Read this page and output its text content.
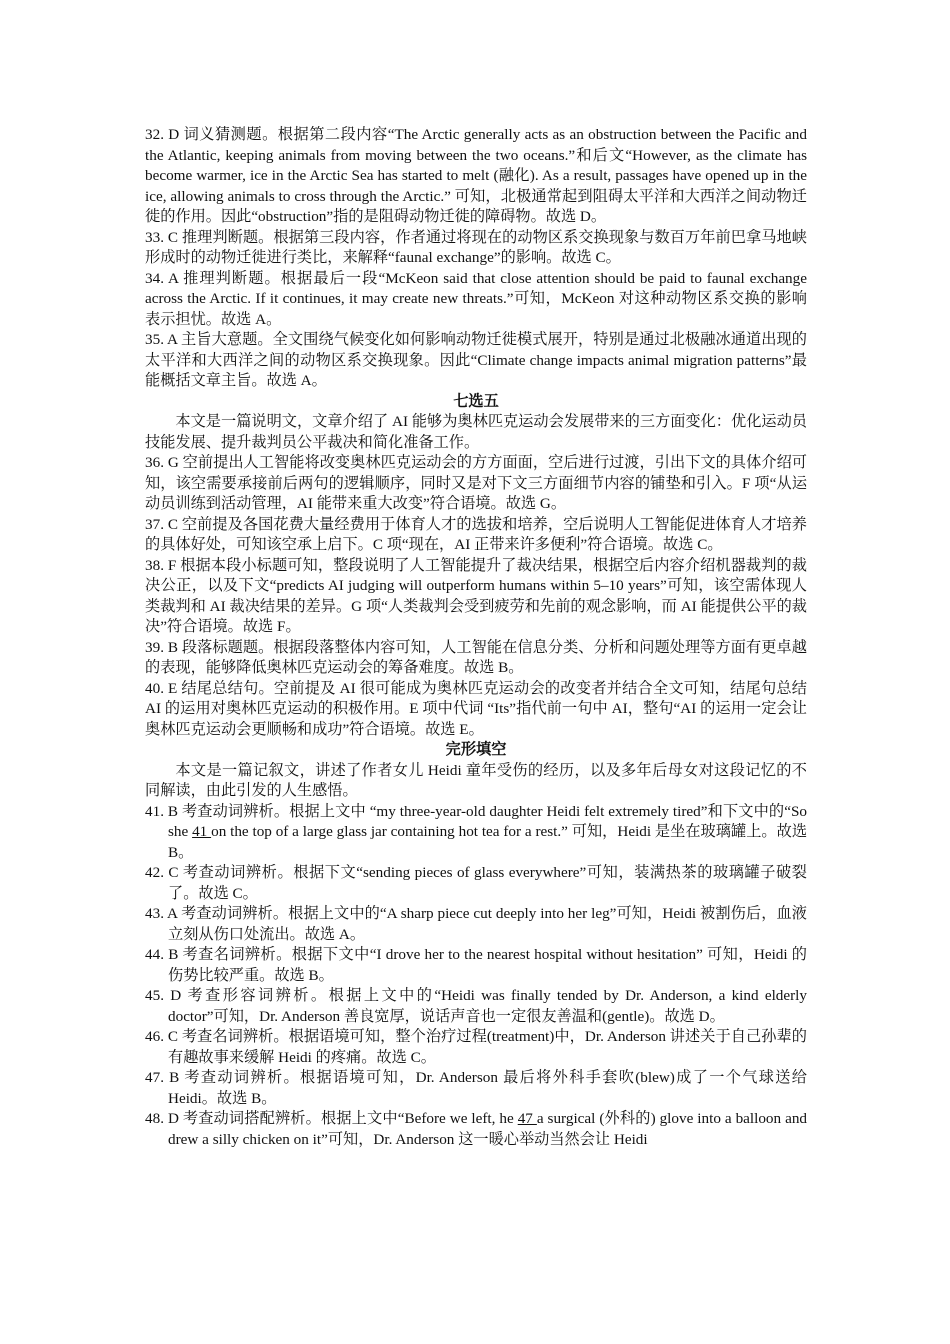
32. D 词义猜测题。根据第二段内容“The Arctic generally acts as an obstruction between the Pacific and the Atlantic, keeping animals from moving between the two oceans.”和后文“However, as the climate has become warmer, ice in the Arctic Sea has started to melt (融化). As a result, passages have opened up in the ice, allowing animals to cross through the Arctic.” 可知，北极通常起到阻碍太平洋和大西洋之间动物迁徙的作用。因此“obstruction”指的是阻碍动物迁徙的障碍物。故选 D。

33. C 推理判断题。根据第三段内容，作者通过将现在的动物区系交换现象与数百万年前巴拿马地峡形成时的动物迁徙进行类比，来解释“faunal exchange”的影响。故选 C。

34. A 推理判断题。根据最后一段“McKeon said that close attention should be paid to faunal exchange across the Arctic. If it continues, it may create new threats.”可知，McKeon 对这种动物区系交换的影响表示担忧。故选 A。

35. A 主旨大意题。全文围绕气候变化如何影响动物迁徙模式展开，特别是通过北极融冰通道出现的太平洋和大西洋之间的动物区系交换现象。因此“Climate change impacts animal migration patterns”最能概括文章主旨。故选 A。

七选五

本文是一篇说明文，文章介绍了 AI 能够为奥林匹克运动会发展带来的三方面变化：优化运动员技能发展、提升裁判员公平裁决和简化准备工作。

36. G 空前提出人工智能将改变奥林匹克运动会的方方面面，空后进行过渡，引出下文的具体介绍可知，该空需要承接前后两句的逻辑顺序，同时又是对下文三方面细节内容的铺垫和引入。F 项“从运动员训练到活动管理，AI 能带来重大改变”符合语境。故选 G。

37. C 空前提及各国花费大量经费用于体育人才的选拔和培养，空后说明人工智能促进体育人才培养的具体好处，可知该空承上启下。C 项“现在，AI 正带来许多便利”符合语境。故选 C。

38. F 根据本段小标题可知，整段说明了人工智能提升了裁决结果，根据空后内容介绍机器裁判的裁决公正，以及下文“predicts AI judging will outperform humans within 5–10 years”可知，该空需体现人类裁判和 AI 裁决结果的差异。G 项“人类裁判会受到疲劳和先前的观念影响，而 AI 能提供公平的裁决”符合语境。故选 F。

39. B 段落标题题。根据段落整体内容可知，人工智能在信息分类、分析和问题处理等方面有更卓越的表现，能够降低奥林匹克运动会的筹备难度。故选 B。

40. E 结尾总结句。空前提及 AI 很可能成为奥林匹克运动会的改变者并结合全文可知，结尾句总结 AI 的运用对奥林匹克运动的积极作用。E 项中代词 “Its”指代前一句中 AI，整句“AI 的运用一定会让奥林匹克运动会更顺畅和成功”符合语境。故选 E。

完形填空

本文是一篇记叙文，讲述了作者女儿 Heidi 童年受伤的经历，以及多年后母女对这段记忆的不同解读，由此引发的人生感悟。

41. B 考查动词辨析。根据上文中 “my three-year-old daughter Heidi felt extremely tired”和下文中的“So she 41 on the top of a large glass jar containing hot tea for a rest.” 可知，Heidi 是坐在玻璃罐上。故选 B。

42. C 考查动词辨析。根据下文“sending pieces of glass everywhere”可知，装满热茶的玻璃罐子破裂了。故选 C。

43. A 考查动词辨析。根据上文中的“A sharp piece cut deeply into her leg”可知，Heidi 被割伤后，血液立刻从伤口处流出。故选 A。

44. B 考查名词辨析。根据下文中“I drove her to the nearest hospital without hesitation” 可知，Heidi 的伤势比较严重。故选 B。

45. D 考查形容词辨析。根据上文中的“Heidi was finally tended by Dr. Anderson, a kind elderly doctor”可知，Dr. Anderson 善良宽厚，说话声音也一定很友善温和(gentle)。故选 D。

46. C 考查名词辨析。根据语境可知，整个治疗过程(treatment)中，Dr. Anderson 讲述关于自己孙辈的有趣故事来缓解 Heidi 的疼痛。故选 C。

47. B 考查动词辨析。根据语境可知，Dr. Anderson 最后将外科手套吹(blew)成了一个气球送给 Heidi。故选 B。

48. D 考查动词搭配辨析。根据上文中“Before we left, he 47 a surgical (外科的) glove into a balloon and drew a silly chicken on it”可知，Dr. Anderson 这一暖心举动当然会让 Heidi
